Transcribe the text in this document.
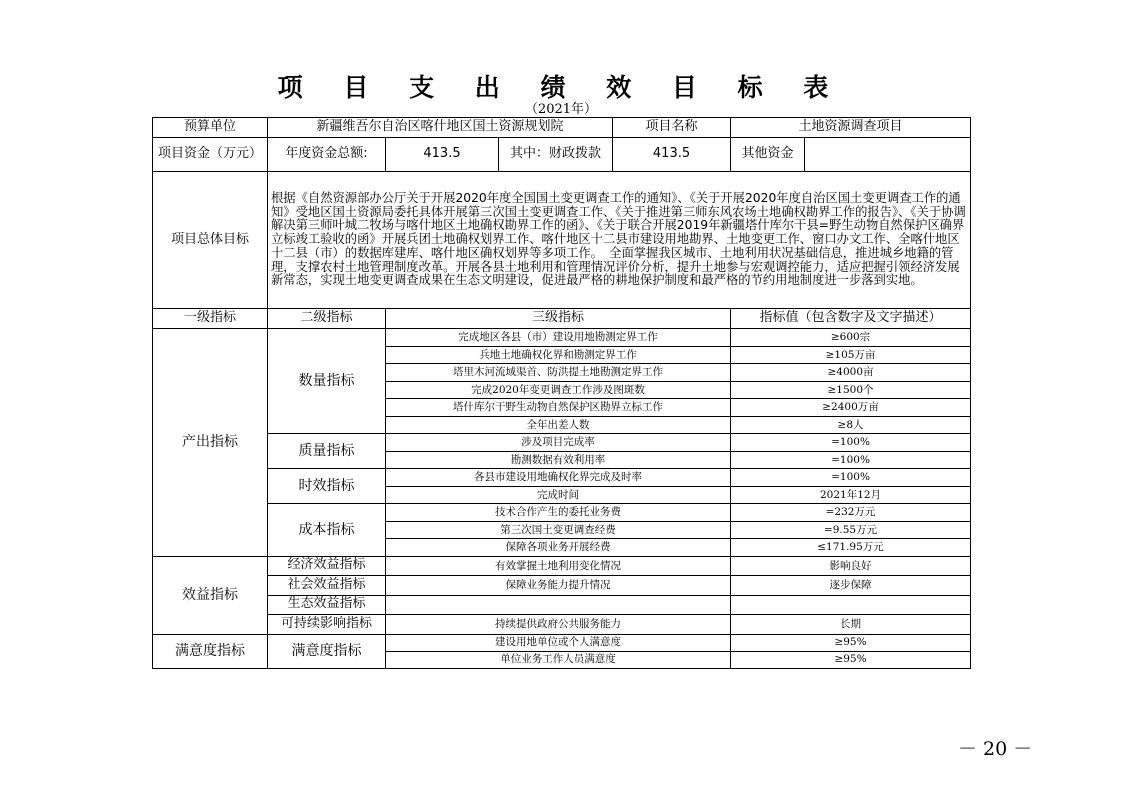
项 目 支 出 绩 效 目 标 表
（2021年）
预算单位	新疆维吾尔自治区喀什地区国土资源规划院			项目名称	土地资源调查项目	
项目资金（万元）	年度资金总额:	413.5	其中：财政拨款	413.5	其他资金	
项目总体目标	根据《自然资源部办公厅关于开展2020年度全国国土变更调查工作的通知》、《关于开展2020年度自治区国土变更调查工作的通知》受地区国土资源局委托具体开展第三次国土变更调查工作、《关于推进第三师东风农场土地确权勘界工作的报告》、《关于协调解决第三师叶城二牧场与喀什地区土地确权勘界工作的函》、《关于联合开展2019年新疆塔什库尔干县=野生动物自然保护区确界立标竣工验收的函》开展兵团土地确权划界工作、喀什地区十二县市建设用地勘界、土地变更工作、窗口办文工作、全喀什地区十二县（市）的数据库建库、喀什地区确权划界等多项工作。　全面掌握我区城市、土地利用状况基础信息，推进城乡地籍的管理，支撑农村土地管理制度改革。开展各县土地利用和管理情况评价分析，提升土地参与宏观调控能力，适应把握引领经济发展新常态，实现土地变更调查成果在生态文明建设，促进最严格的耕地保护制度和最严格的节约用地制度进一步落到实地。					
一级指标	二级指标	三级指标			指标值（包含数字及文字描述）	
产出指标	数量指标	完成地区各县（市）建设用地勘测定界工作			≥600宗	
		兵地土地确权化界和勘测定界工作			≥105万亩	
		塔里木河流域渠首、防洪提土地勘测定界工作			≥4000亩	
		完成2020年变更调查工作涉及图斑数			≥1500个	
		塔什库尔干野生动物自然保护区勘界立标工作			≥2400万亩	
		全年出差人数			≥8人	
	质量指标	涉及项目完成率			=100%	
		勘测数据有效利用率			=100%	
	时效指标	各县市建设用地确权化界完成及时率			=100%	
		完成时间			2021年12月	
	成本指标	技术合作产生的委托业务费			=232万元	
		第三次国土变更调查经费			=9.55万元	
		保障各项业务开展经费			≤171.95万元	
效益指标	经济效益指标	有效掌握土地利用变化情况			影响良好	
	社会效益指标	保障业务能力提升情况			逐步保障	
	生态效益指标					
	可持续影响指标	持续提供政府公共服务能力			长期	
满意度指标	满意度指标	建设用地单位或个人满意度			≥95%	
		单位业务工作人员满意度			≥95%	
－ 20 －
